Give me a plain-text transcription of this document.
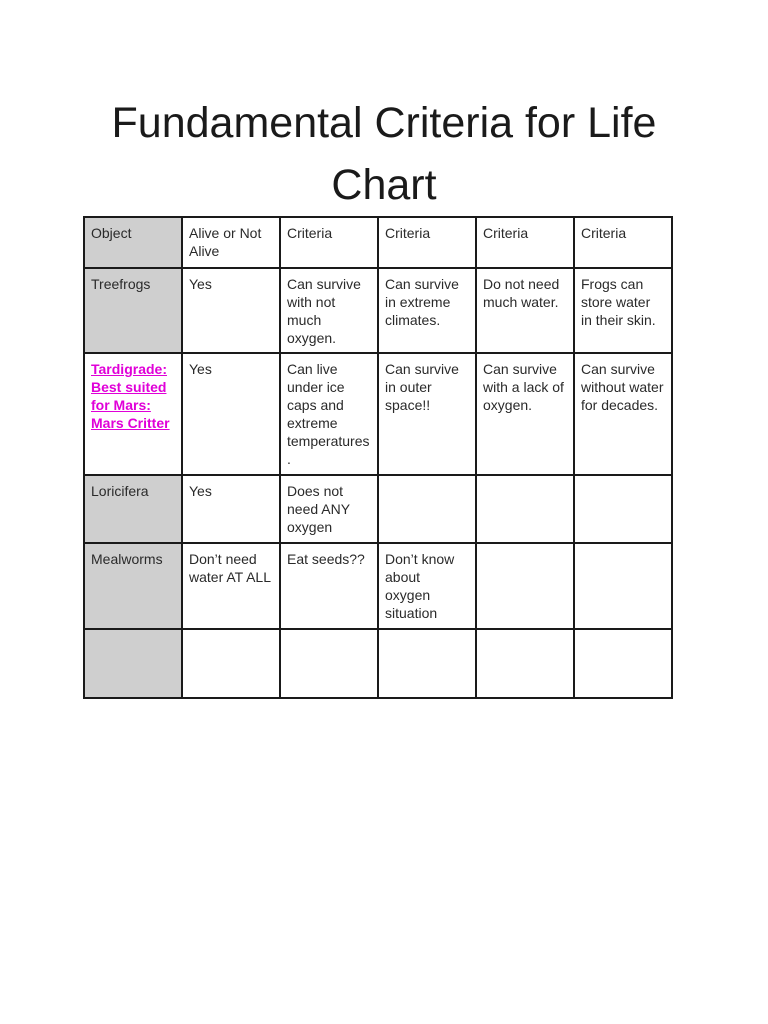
Fundamental Criteria for Life Chart
Object	Alive or Not Alive	Criteria	Criteria	Criteria	Criteria
Treefrogs	Yes	Can survive with not much oxygen.	Can survive in extreme climates.	Do not need much water.	Frogs can store water in their skin.
Tardigrade: Best suited for Mars: Mars Critter	Yes	Can live under ice caps and extreme temperatures.	Can survive in outer space!!	Can survive with a lack of oxygen.	Can survive without water for decades.
Loricifera	Yes	Does not need ANY oxygen			
Mealworms	Don’t need water AT ALL	Eat seeds??	Don’t know about oxygen situation		
